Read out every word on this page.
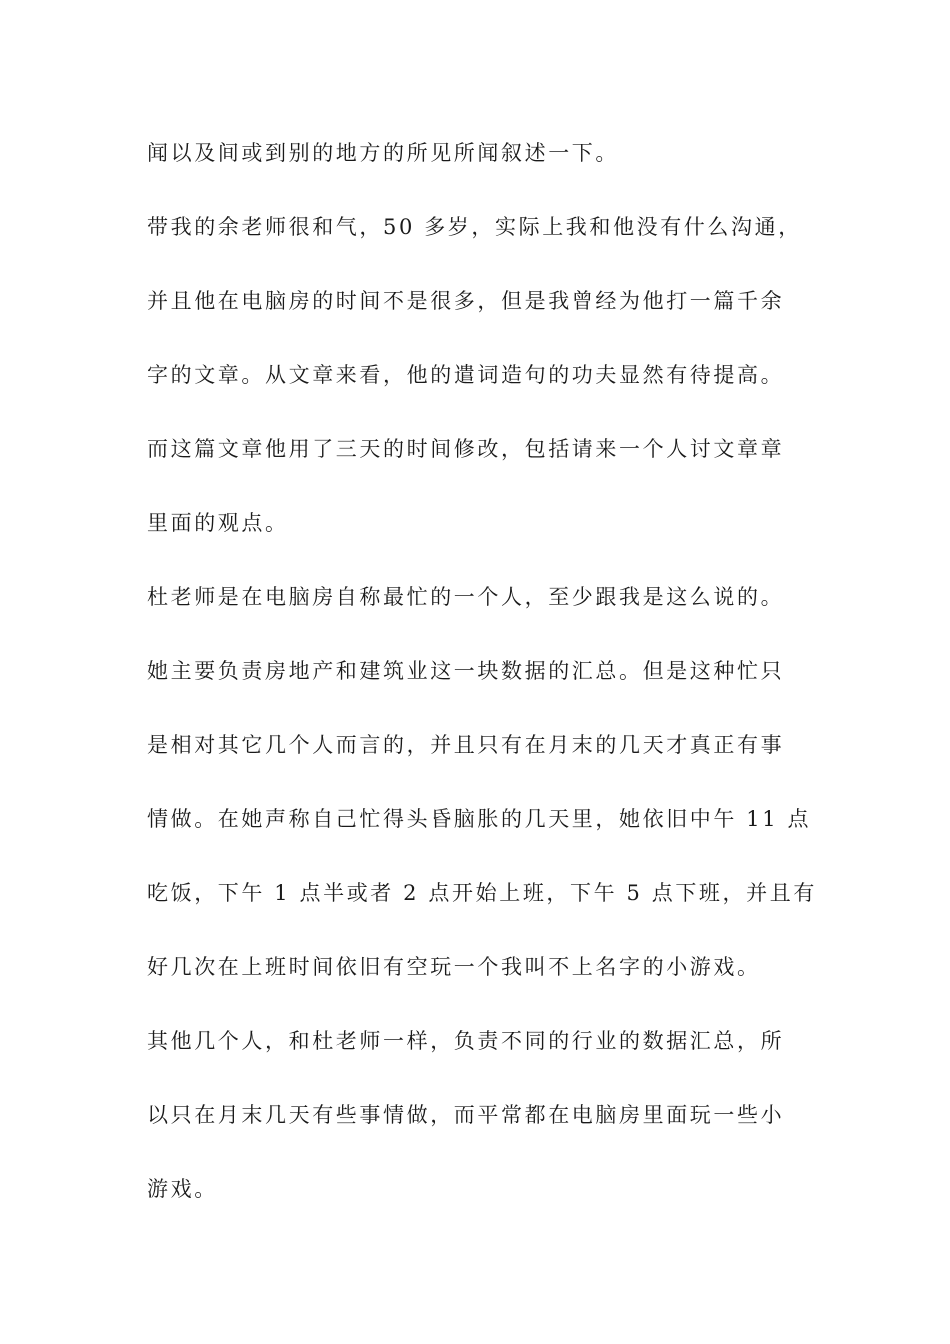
闻以及间或到别的地方的所见所闻叙述一下。
带我的余老师很和气，50 多岁，实际上我和他没有什么沟通，
并且他在电脑房的时间不是很多，但是我曾经为他打一篇千余
字的文章。从文章来看，他的遣词造句的功夫显然有待提高。
而这篇文章他用了三天的时间修改，包括请来一个人讨文章章
里面的观点。
杜老师是在电脑房自称最忙的一个人，至少跟我是这么说的。
她主要负责房地产和建筑业这一块数据的汇总。但是这种忙只
是相对其它几个人而言的，并且只有在月末的几天才真正有事
情做。在她声称自己忙得头昏脑胀的几天里，她依旧中午 11 点
吃饭，下午 1 点半或者 2 点开始上班，下午 5 点下班，并且有
好几次在上班时间依旧有空玩一个我叫不上名字的小游戏。
其他几个人，和杜老师一样，负责不同的行业的数据汇总，所
以只在月末几天有些事情做，而平常都在电脑房里面玩一些小
游戏。
